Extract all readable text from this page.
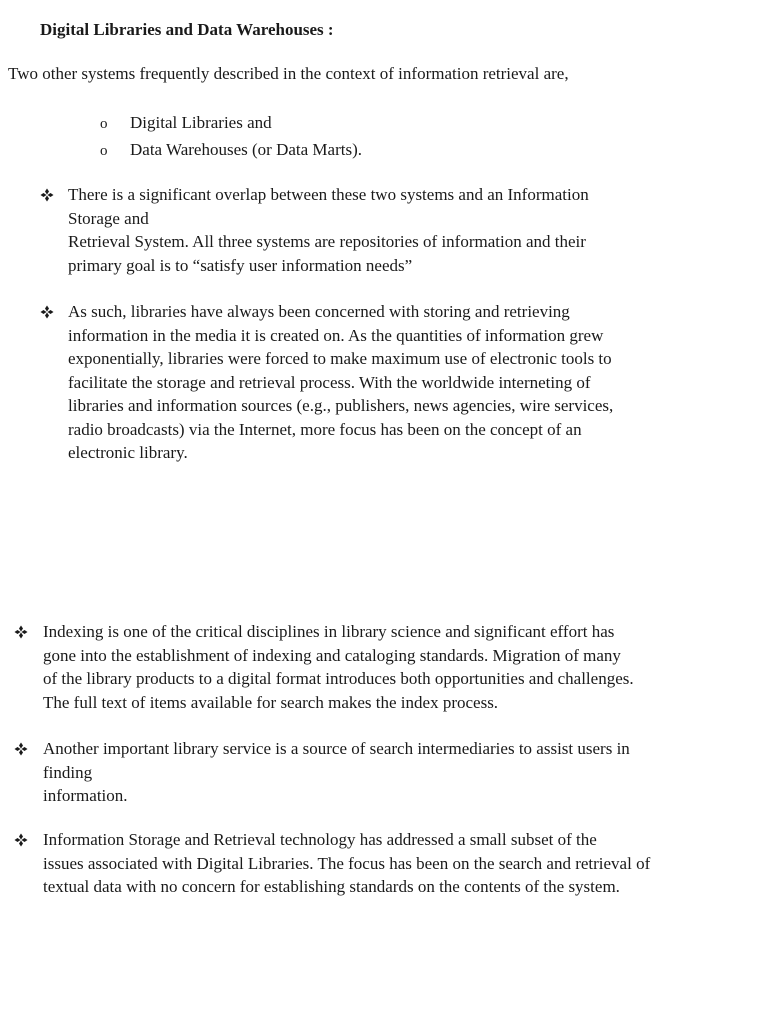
Digital Libraries and Data Warehouses :

Two other systems frequently described in the context of information retrieval are,

o	Digital Libraries and
o	Data Warehouses (or Data Marts).

There is a significant overlap between these two systems and an Information
Storage and
Retrieval System. All three systems are repositories of information and their
primary goal is to “satisfy user information needs”

As such, libraries have always been concerned with storing and retrieving
information in the media it is created on. As the quantities of information grew
exponentially, libraries were forced to make maximum use of electronic tools to
facilitate the storage and retrieval process. With the worldwide interneting of
libraries and information sources (e.g., publishers, news agencies, wire services,
radio broadcasts) via the Internet, more focus has been on the concept of an
electronic library.

Indexing is one of the critical disciplines in library science and significant effort has
gone into the establishment of indexing and cataloging standards. Migration of many
of the library products to a digital format introduces both opportunities and challenges.
The full text of items available for search makes the index process.

Another important library service is a source of search intermediaries to assist users in
finding
information.

Information Storage and Retrieval technology has addressed a small subset of the
issues associated with Digital Libraries. The focus has been on the search and retrieval of
textual data with no concern for establishing standards on the contents of the system.
